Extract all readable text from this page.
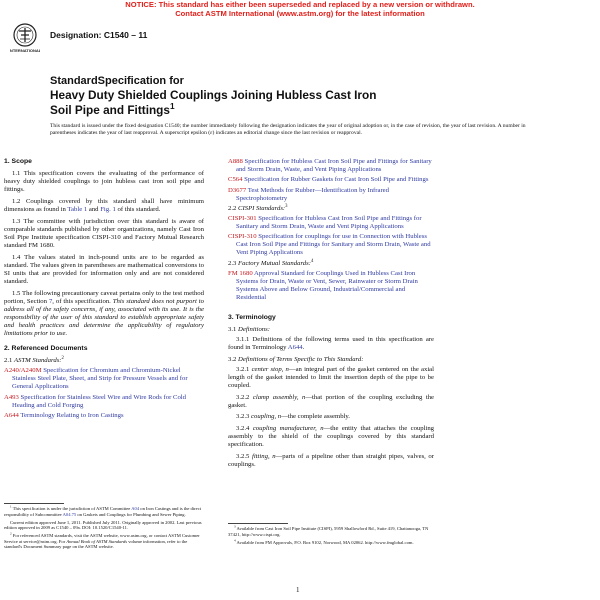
NOTICE: This standard has either been superseded and replaced by a new version or withdrawn.
Contact ASTM International (www.astm.org) for the latest information
INTERNATIONAL
Designation: C1540 – 11
StandardSpecification for
Heavy Duty Shielded Couplings Joining Hubless Cast Iron
Soil Pipe and Fittings$^1$
This standard is issued under the fixed designation C1540; the number immediately following the designation indicates the year of original adoption or, in the case of revision, the year of last revision. A number in parentheses indicates the year of last reapproval. A superscript epsilon (ε) indicates an editorial change since the last revision or reapproval.
1. Scope

1.1 This specification covers the evaluating of the performance of heavy duty shielded couplings to join hubless cast iron soil pipe and fittings.

1.2 Couplings covered by this standard shall have minimum dimensions as found in Table 1 and Fig. 1 of this standard.

1.3 The committee with jurisdiction over this standard is aware of comparable standards published by other organizations, namely Cast Iron Soil Pipe Institute specification CISPI-310 and Factory Mutual Research standard FM 1680.

1.4 The values stated in inch-pound units are to be regarded as standard. The values given in parentheses are mathematical conversions to SI units that are provided for information only and are not considered standard.

1.5 The following precautionary caveat pertains only to the test method portion, Section 7, of this specification. This standard does not purport to address all of the safety concerns, if any, associated with its use. It is the responsibility of the user of this standard to establish appropriate safety and health practices and determine the applicability of regulatory limitations prior to use.

2. Referenced Documents

2.1 ASTM Standards:$^2$

A240/A240M Specification for Chromium and Chromium-Nickel Stainless Steel Plate, Sheet, and Strip for Pressure Vessels and for General Applications
A493 Specification for Stainless Steel Wire and Wire Rods for Cold Heading and Cold Forging
A644 Terminology Relating to Iron Castings

$^1$ This specification is under the jurisdiction of ASTM Committee A04 on Iron Castings and is the direct responsibility of Subcommittee A04.75 on Gaskets and Couplings for Plumbing and Sewer Piping.

Current edition approved June 1, 2011. Published July 2011. Originally approved in 2002. Last previous edition approved in 2009 as C1540 – 09a. DOI: 10.1520/C1540-11.

$^2$ For referenced ASTM standards, visit the ASTM website, www.astm.org, or contact ASTM Customer Service at service@astm.org. For Annual Book of ASTM Standards volume information, refer to the standard's Document Summary page on the ASTM website.

A888 Specification for Hubless Cast Iron Soil Pipe and Fittings for Sanitary and Storm Drain, Waste, and Vent Piping Applications
C564 Specification for Rubber Gaskets for Cast Iron Soil Pipe and Fittings
D3677 Test Methods for Rubber—Identification by Infrared Spectrophotometry

2.2 CISPI Standards:$^3$

CISPI-301 Specification for Hubless Cast Iron Soil Pipe and Fittings for Sanitary and Storm Drain, Waste and Vent Piping Applications
CISPI-310 Specification for couplings for use in Connection with Hubless Cast Iron Soil Pipe and Fittings for Sanitary and Storm Drain, Waste and Vent Piping Applications

2.3 Factory Mutual Standards:$^4$

FM 1680 Approval Standard for Couplings Used in Hubless Cast Iron Systems for Drain, Waste or Vent, Sewer, Rainwater or Storm Drain Systems Above and Below Ground, Industrial/Commercial and Residential
3. Terminology

3.1 Definitions:

3.1.1 Definitions of the following terms used in this specification are found in Terminology A644.

3.2 Definitions of Terms Specific to This Standard:

3.2.1 center stop, n—an integral part of the gasket centered on the axial length of the gasket intended to limit the insertion depth of the pipe to be coupled.

3.2.2 clamp assembly, n—that portion of the coupling excluding the gasket.

3.2.3 coupling, n—the complete assembly.

3.2.4 coupling manufacturer, n—the entity that attaches the coupling assembly to the shield of the couplings covered by this standard specification.

3.2.5 fitting, n—parts of a pipeline other than straight pipes, valves, or couplings.

$^3$ Available from Cast Iron Soil Pipe Institute (CISPI), 5959 Shallowford Rd., Suite 419, Chattanooga, TN 37421, http://www.cispi.org.

$^4$ Available from FM Approvals, P.O. Box 9102, Norwood, MA 02062. http://www.fmglobal.com.

1
